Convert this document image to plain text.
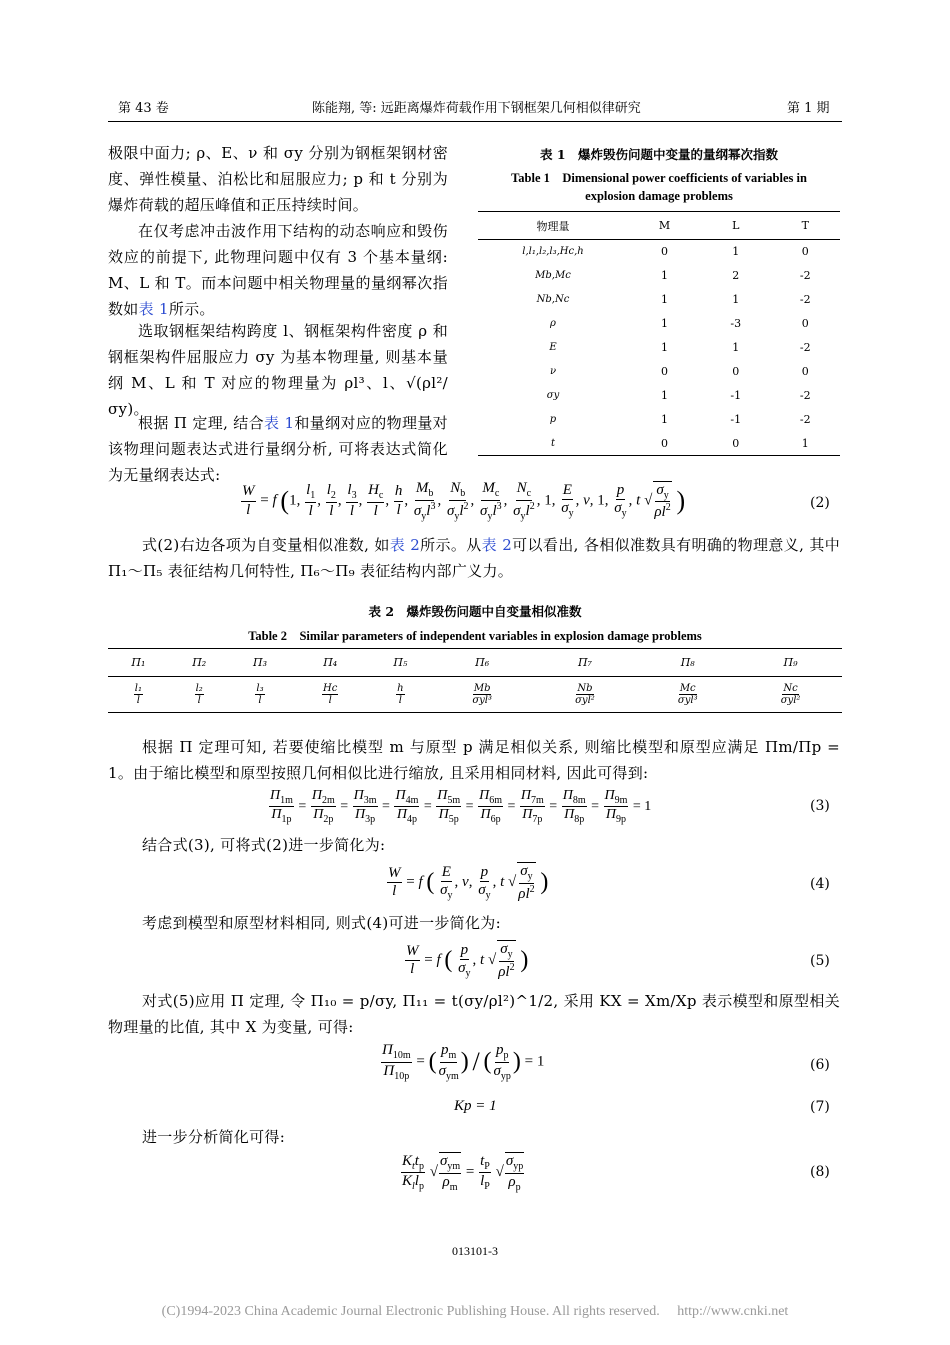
第 43 卷	陈能翔, 等: 远距离爆炸荷载作用下钢框架几何相似律研究	第 1 期
极限中面力; ρ、E、ν 和 σy 分别为钢框架钢材密度、弹性模量、泊松比和屈服应力; p 和 t 分别为爆炸荷载的超压峰值和正压持续时间。
在仅考虑冲击波作用下结构的动态响应和毁伤效应的前提下, 此物理问题中仅有 3 个基本量纲: M、L 和 T。而本问题中相关物理量的量纲幂次指数如表 1所示。
选取钢框架结构跨度 l、钢框架构件密度 ρ 和钢框架构件屈服应力 σy 为基本物理量, 则基本量纲 M、L 和 T 对应的物理量为 ρl³、l、√(ρl²/σy)。
根据 Π 定理, 结合表 1和量纲对应的物理量对该物理问题表达式进行量纲分析, 可将表达式简化为无量纲表达式:
表 1　爆炸毁伤问题中变量的量纲幂次指数
Table 1　Dimensional power coefficients of variables in
explosion damage problems
物理量	M	L	T
l,l₁,l₂,l₃,Hc,h	0	1	0
Mb,Mc	1	2	-2
Nb,Nc	1	1	-2
ρ	1	-3	0
E	1	1	-2
ν	0	0	0
σy	1	-1	-2
p	1	-1	-2
t	0	0	1
$\frac{W}{l} = f$ (1, $\frac{l_1}{l}$ , $\frac{l_2}{l}$ , $\frac{l_3}{l}$ , $\frac{H_c}{l}$ , $\frac{h}{l}$ , $\frac{M_b}{\sigma_yl^3}$ , $\frac{N_b}{\sigma_yl^2}$ , $\frac{M_c}{\sigma_yl^3}$ , $\frac{N_c}{\sigma_yl^2}$ , 1, $\frac{E}{\sigma_y}$ , ν, 1, $\frac{p}{\sigma_y}$ , t √ $\frac{\sigma_y}{\rho l^2}$ )	(2)
式(2)右边各项为自变量相似准数, 如表 2所示。从表 2可以看出, 各相似准数具有明确的物理意义, 其中 Π₁～Π₅ 表征结构几何特性, Π₆～Π₉ 表征结构内部广义力。
表 2　爆炸毁伤问题中自变量相似准数
Table 2　Similar parameters of independent variables in explosion damage problems
Π₁	Π₂	Π₃	Π₄	Π₅	Π₆	Π₇	Π₈	Π₉

$\frac{\text{l₁}}{l}$	$\frac{\text{l₂}}{l}$	$\frac{\text{l₃}}{l}$	$\frac{Hc}{l}$	$\frac{h}{l}$	$\frac{Mb}{\text{σyl³}}$	$\frac{Nb}{\text{σyl²}}$	$\frac{Mc}{\text{σyl³}}$	$\frac{Nc}{\text{σyl²}}$
根据 Π 定理可知, 若要使缩比模型 m 与原型 p 满足相似关系, 则缩比模型和原型应满足 Πm/Πp = 1。由于缩比模型和原型按照几何相似比进行缩放, 且采用相同材料, 因此可得到:
$\frac{\Pi_{1m}}{\Pi_{1p}} = \frac{\Pi_{2m}}{\Pi_{2p}} = \frac{\Pi_{3m}}{\Pi_{3p}} = \frac{\Pi_{4m}}{\Pi_{4p}} = \frac{\Pi_{5m}}{\Pi_{5p}} = \frac{\Pi_{6m}}{\Pi_{6p}} = \frac{\Pi_{7m}}{\Pi_{7p}} = \frac{\Pi_{8m}}{\Pi_{8p}} = \frac{\Pi_{9m}}{\Pi_{9p}} = 1$	(3)
结合式(3), 可将式(2)进一步简化为:
$\frac{W}{l} = f$ ( $\frac{E}{\sigma_y}$ , ν, $\frac{p}{\sigma_y}$ , t √ $\frac{\sigma_y}{\rho l^2}$ )	(4)
考虑到模型和原型材料相同, 则式(4)可进一步简化为:
$\frac{W}{l} = f$ ( $\frac{p}{\sigma_y}$ , t √ $\frac{\sigma_y}{\rho l^2}$ )	(5)
对式(5)应用 Π 定理, 令 Π₁₀ = p/σy, Π₁₁ = t(σy/ρl²)^1/2, 采用 KX = Xm/Xp 表示模型和原型相关物理量的比值, 其中 X 为变量, 可得:
$\frac{\Pi_{10m}}{\Pi_{10p}}$ = ( $\frac{p_m}{\sigma_{ym}}$ ) / ( $\frac{p_p}{\sigma_{yp}}$ ) = 1	(6)
Kp = 1	(7)
进一步分析简化可得:
$\frac{K_tt_p}{K_ll_p}$ √ $\frac{\sigma_{ym}}{\rho_m} = \frac{t_P}{l_P}$ √ $\frac{\sigma_{yp}}{\rho_p}$	(8)
013101-3
(C)1994-2023 China Academic Journal Electronic Publishing House. All rights reserved.　 http://www.cnki.net
